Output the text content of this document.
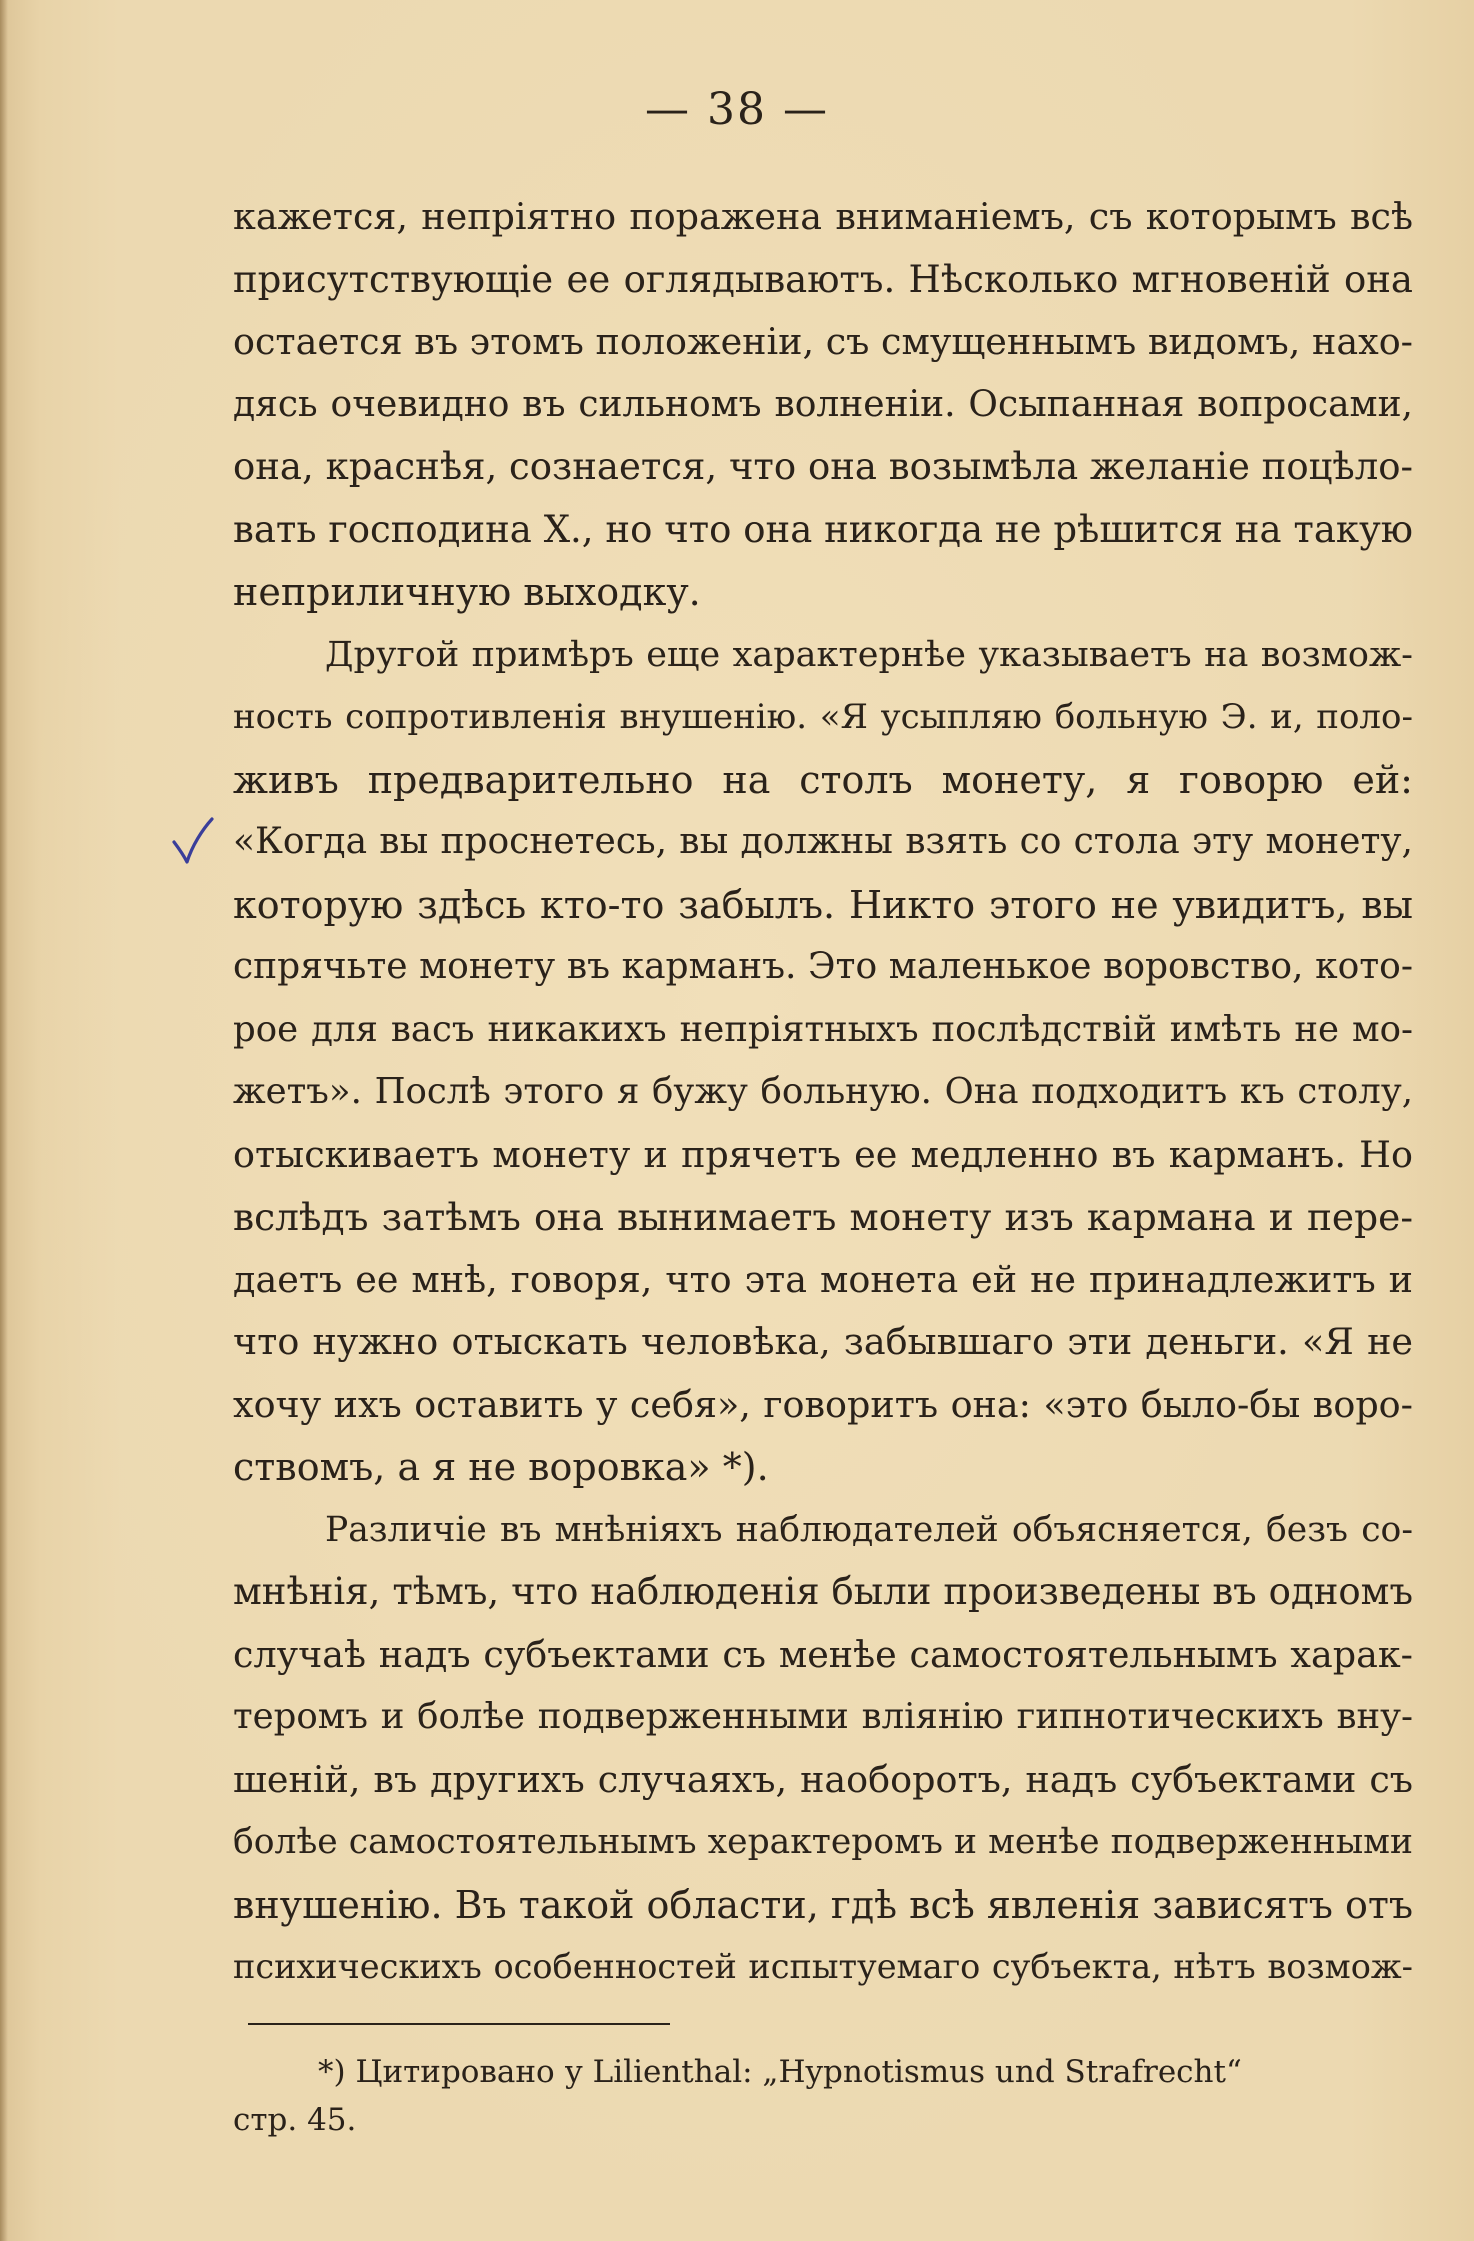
— 38 —
кажется, непріятно поражена вниманіемъ, съ которымъ всѣ
присутствующіе ее оглядываютъ. Нѣсколько мгновеній она
остается въ этомъ положеніи, съ смущеннымъ видомъ, нахо-
дясь очевидно въ сильномъ волненіи. Осыпанная вопросами,
она, краснѣя, сознается, что она возымѣла желаніе поцѣло-
вать господина Х., но что она никогда не рѣшится на такую
неприличную выходку.
Другой примѣръ еще характернѣе указываетъ на возмож-
ность сопротивленія внушенію. «Я усыпляю больную Э. и, поло-
живъ предварительно на столъ монету, я говорю ей:
«Когда вы проснетесь, вы должны взять со стола эту монету,
которую здѣсь кто-то забылъ. Никто этого не увидитъ, вы
спрячьте монету въ карманъ. Это маленькое воровство, кото-
рое для васъ никакихъ непріятныхъ послѣдствій имѣть не мо-
жетъ». Послѣ этого я бужу больную. Она подходитъ къ столу,
отыскиваетъ монету и прячетъ ее медленно въ карманъ. Но
вслѣдъ затѣмъ она вынимаетъ монету изъ кармана и пере-
даетъ ее мнѣ, говоря, что эта монета ей не принадлежитъ и
что нужно отыскать человѣка, забывшаго эти деньги. «Я не
хочу ихъ оставить у себя», говоритъ она: «это было-бы воро-
ствомъ, а я не воровка» *).
Различіе въ мнѣніяхъ наблюдателей объясняется, безъ со-
мнѣнія, тѣмъ, что наблюденія были произведены въ одномъ
случаѣ надъ субъектами съ менѣе самостоятельнымъ харак-
теромъ и болѣе подверженными вліянію гипнотическихъ вну-
шеній, въ другихъ случаяхъ, наоборотъ, надъ субъектами съ
болѣе самостоятельнымъ херактеромъ и менѣе подверженными
внушенію. Въ такой области, гдѣ всѣ явленія зависятъ отъ
психическихъ особенностей испытуемаго субъекта, нѣтъ возмож-
*) Цитировано у Lilienthal: „Hypnotismus und Strafrecht“
стр. 45.
